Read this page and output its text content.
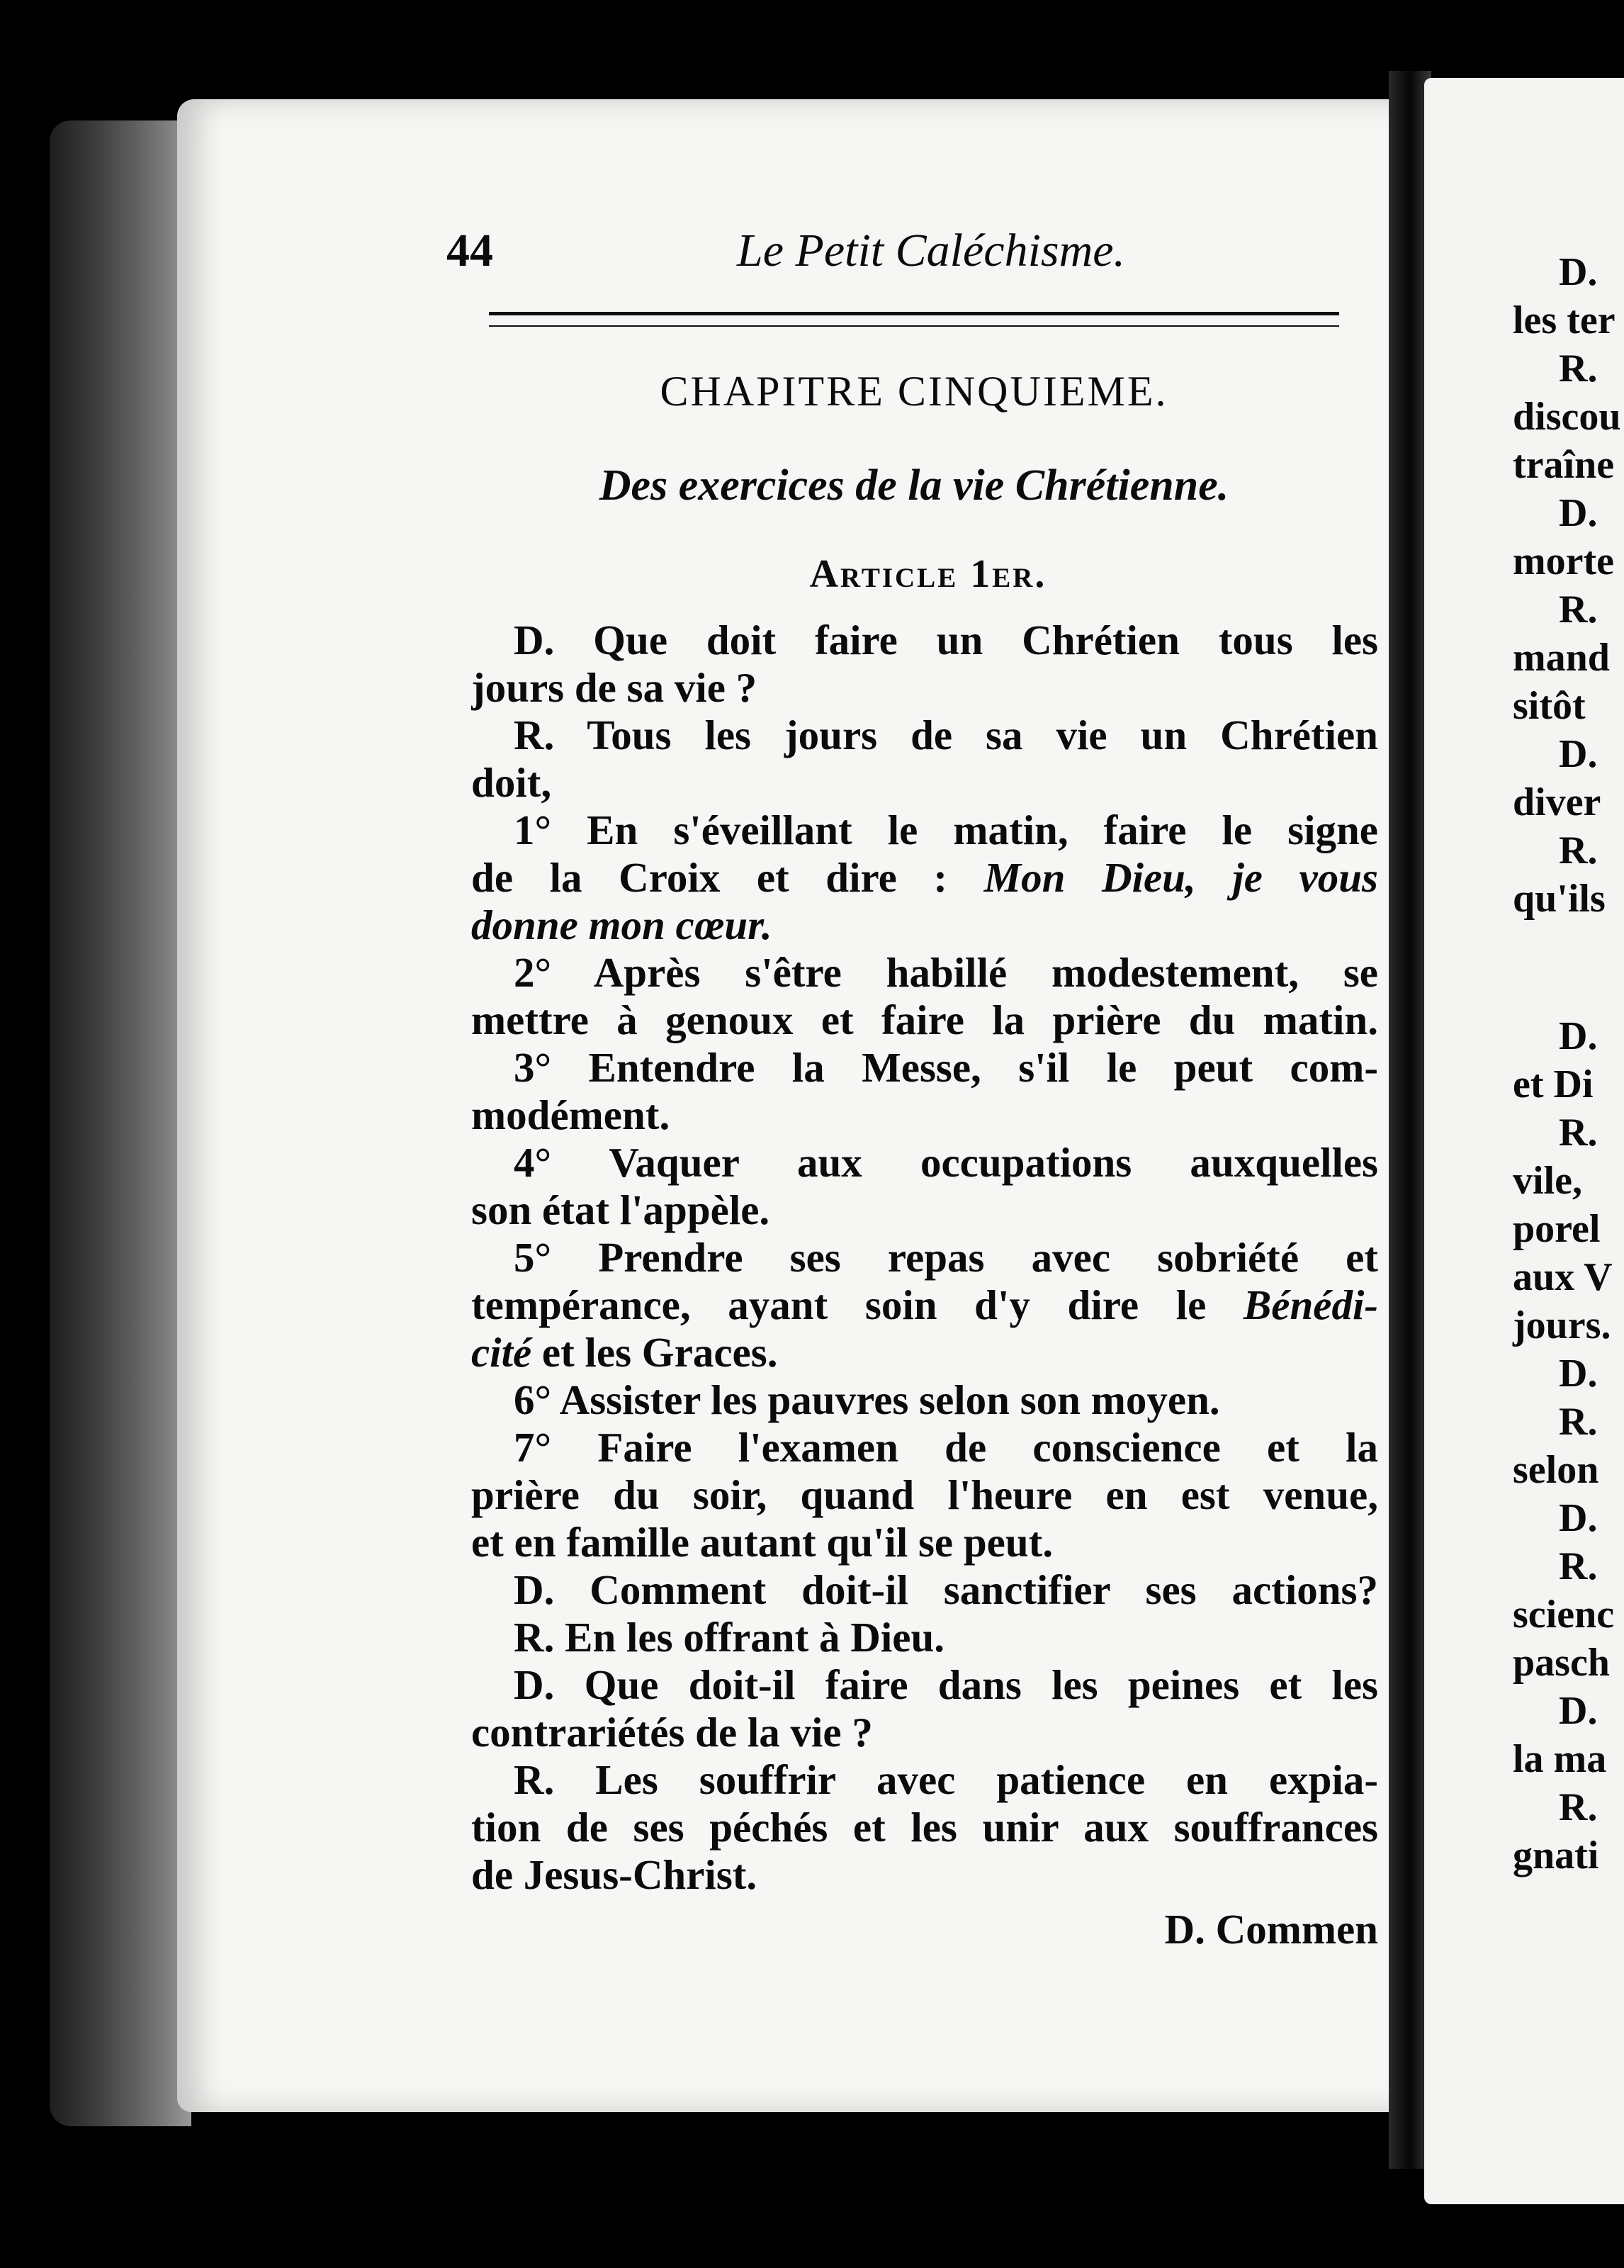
44	Le Petit Caléchisme.
CHAPITRE CINQUIEME.
Des exercices de la vie Chrétienne.
Article 1er.
D. Que doit faire un Chrétien tous les
jours de sa vie ?
R. Tous les jours de sa vie un Chrétien
doit,
1° En s'éveillant le matin, faire le signe
de la Croix et dire : Mon Dieu, je vous
donne mon cœur.
2° Après s'être habillé modestement, se
mettre à genoux et faire la prière du matin.
3° Entendre la Messe, s'il le peut com-
modément.
4° Vaquer aux occupations auxquelles
son état l'appèle.
5° Prendre ses repas avec sobriété et
tempérance, ayant soin d'y dire le Bénédi-
cité et les Graces.
6° Assister les pauvres selon son moyen.
7° Faire l'examen de conscience et la
prière du soir, quand l'heure en est venue,
et en famille autant qu'il se peut.
D. Comment doit-il sanctifier ses actions?
R. En les offrant à Dieu.
D. Que doit-il faire dans les peines et les
contrariétés de la vie ?
R. Les souffrir avec patience en expia-
tion de ses péchés et les unir aux souffrances
de Jesus-Christ.
D. Commen
D.
les ter
R.
discou
traîne
D.
morte
R.
mand
sitôt
D.
diver
R.
qu'ils
D.
et Di
R.
vile,
porel
aux V
jours.
D.
R.
selon
D.
R.
scienc
pasch
D.
la ma
R.
gnati
